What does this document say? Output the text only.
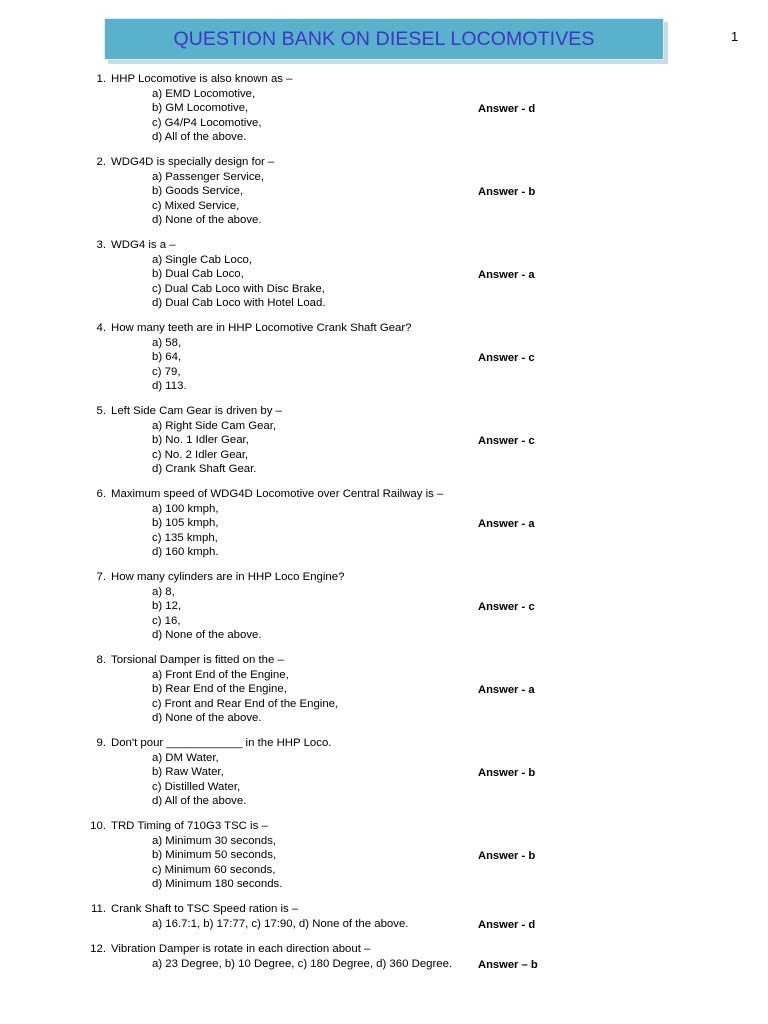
1
QUESTION BANK ON DIESEL LOCOMOTIVES
1. HHP Locomotive is also known as –
a) EMD Locomotive,
b) GM Locomotive,
c) G4/P4 Locomotive,
d) All of the above.
Answer - d
2. WDG4D is specially design for –
a) Passenger Service,
b) Goods Service,
c) Mixed Service,
d) None of the above.
Answer - b
3. WDG4 is a –
a) Single Cab Loco,
b) Dual Cab Loco,
c) Dual Cab Loco with Disc Brake,
d) Dual Cab Loco with Hotel Load.
Answer - a
4. How many teeth are in HHP Locomotive Crank Shaft Gear?
a) 58,
b) 64,
c) 79,
d) 113.
Answer - c
5. Left Side Cam Gear is driven by –
a) Right Side Cam Gear,
b) No. 1 Idler Gear,
c) No. 2 Idler Gear,
d) Crank Shaft Gear.
Answer - c
6. Maximum speed of WDG4D Locomotive over Central Railway is –
a) 100 kmph,
b) 105 kmph,
c) 135 kmph,
d) 160 kmph.
Answer - a
7. How many cylinders are in HHP Loco Engine?
a) 8,
b) 12,
c) 16,
d) None of the above.
Answer - c
8. Torsional Damper is fitted on the –
a) Front End of the Engine,
b) Rear End of the Engine,
c) Front and Rear End of the Engine,
d) None of the above.
Answer - a
9. Don't pour ____________ in the HHP Loco.
a) DM Water,
b) Raw Water,
c) Distilled Water,
d) All of the above.
Answer - b
10. TRD Timing of 710G3 TSC is –
a) Minimum 30 seconds,
b) Minimum 50 seconds,
c) Minimum 60 seconds,
d) Minimum 180 seconds.
Answer - b
11. Crank Shaft to TSC Speed ration is –
a) 16.7:1, b) 17:77, c) 17:90, d) None of the above.	Answer - d
12. Vibration Damper is rotate in each direction about –
a) 23 Degree, b) 10 Degree, c) 180 Degree, d) 360 Degree. Answer – b
